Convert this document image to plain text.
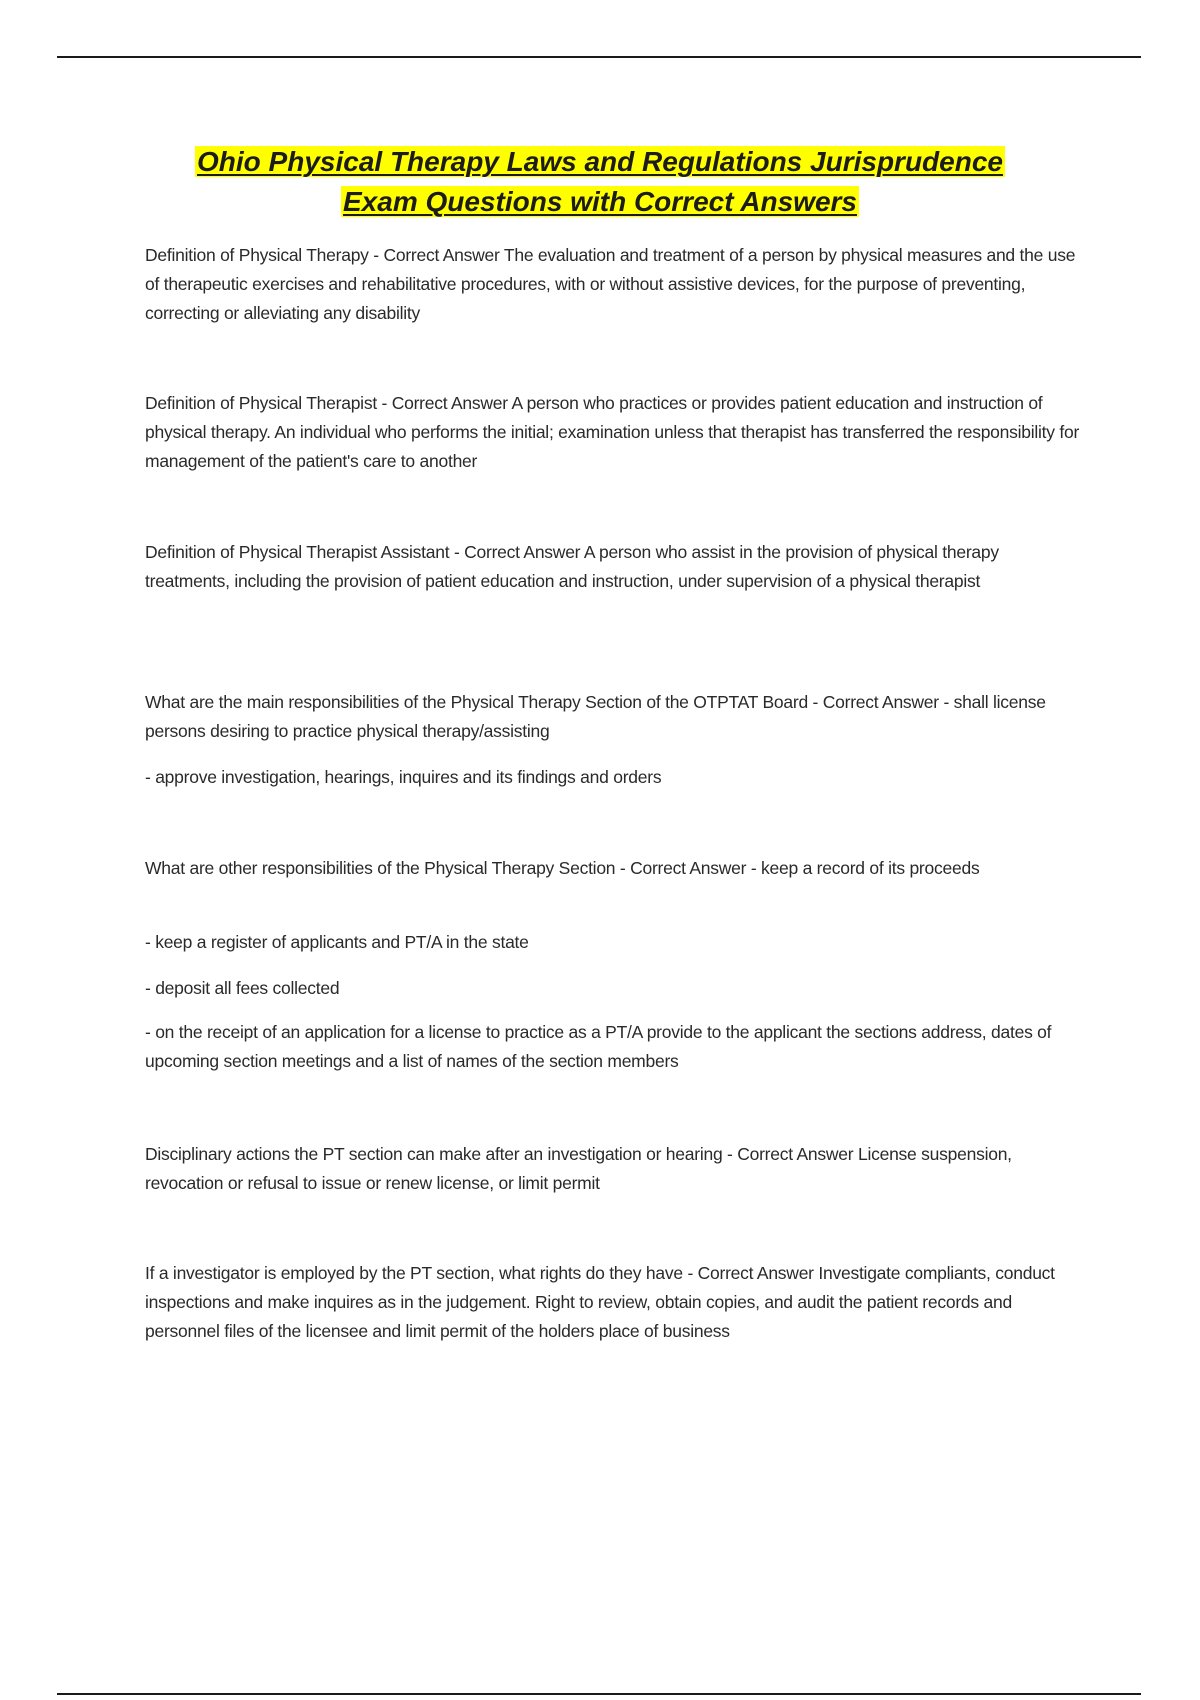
Ohio Physical Therapy Laws and Regulations Jurisprudence
Exam Questions with Correct Answers
Definition of Physical Therapy - Correct Answer The evaluation and treatment of a person by physical measures and the use of therapeutic exercises and rehabilitative procedures, with or without assistive devices, for the purpose of preventing, correcting or alleviating any disability
Definition of Physical Therapist - Correct Answer A person who practices or provides patient education and instruction of physical therapy. An individual who performs the initial; examination unless that therapist has transferred the responsibility for management of the patient's care to another
Definition of Physical Therapist Assistant - Correct Answer A person who assist in the provision of physical therapy treatments, including the provision of patient education and instruction, under supervision of a physical therapist
What are the main responsibilities of the Physical Therapy Section of the OTPTAT Board - Correct Answer - shall license persons desiring to practice physical therapy/assisting
- approve investigation, hearings, inquires and its findings and orders
What are other responsibilities of the Physical Therapy Section - Correct Answer - keep a record of its proceeds
- keep a register of applicants and PT/A in the state
- deposit all fees collected
- on the receipt of an application for a license to practice as a PT/A provide to the applicant the sections address, dates of upcoming section meetings and a list of names of the section members
Disciplinary actions the PT section can make after an investigation or hearing - Correct Answer License suspension, revocation or refusal to issue or renew license, or limit permit
If a investigator is employed by the PT section, what rights do they have - Correct Answer Investigate compliants, conduct inspections and make inquires as in the judgement. Right to review, obtain copies, and audit the patient records and personnel files of the licensee and limit permit of the holders place of business
